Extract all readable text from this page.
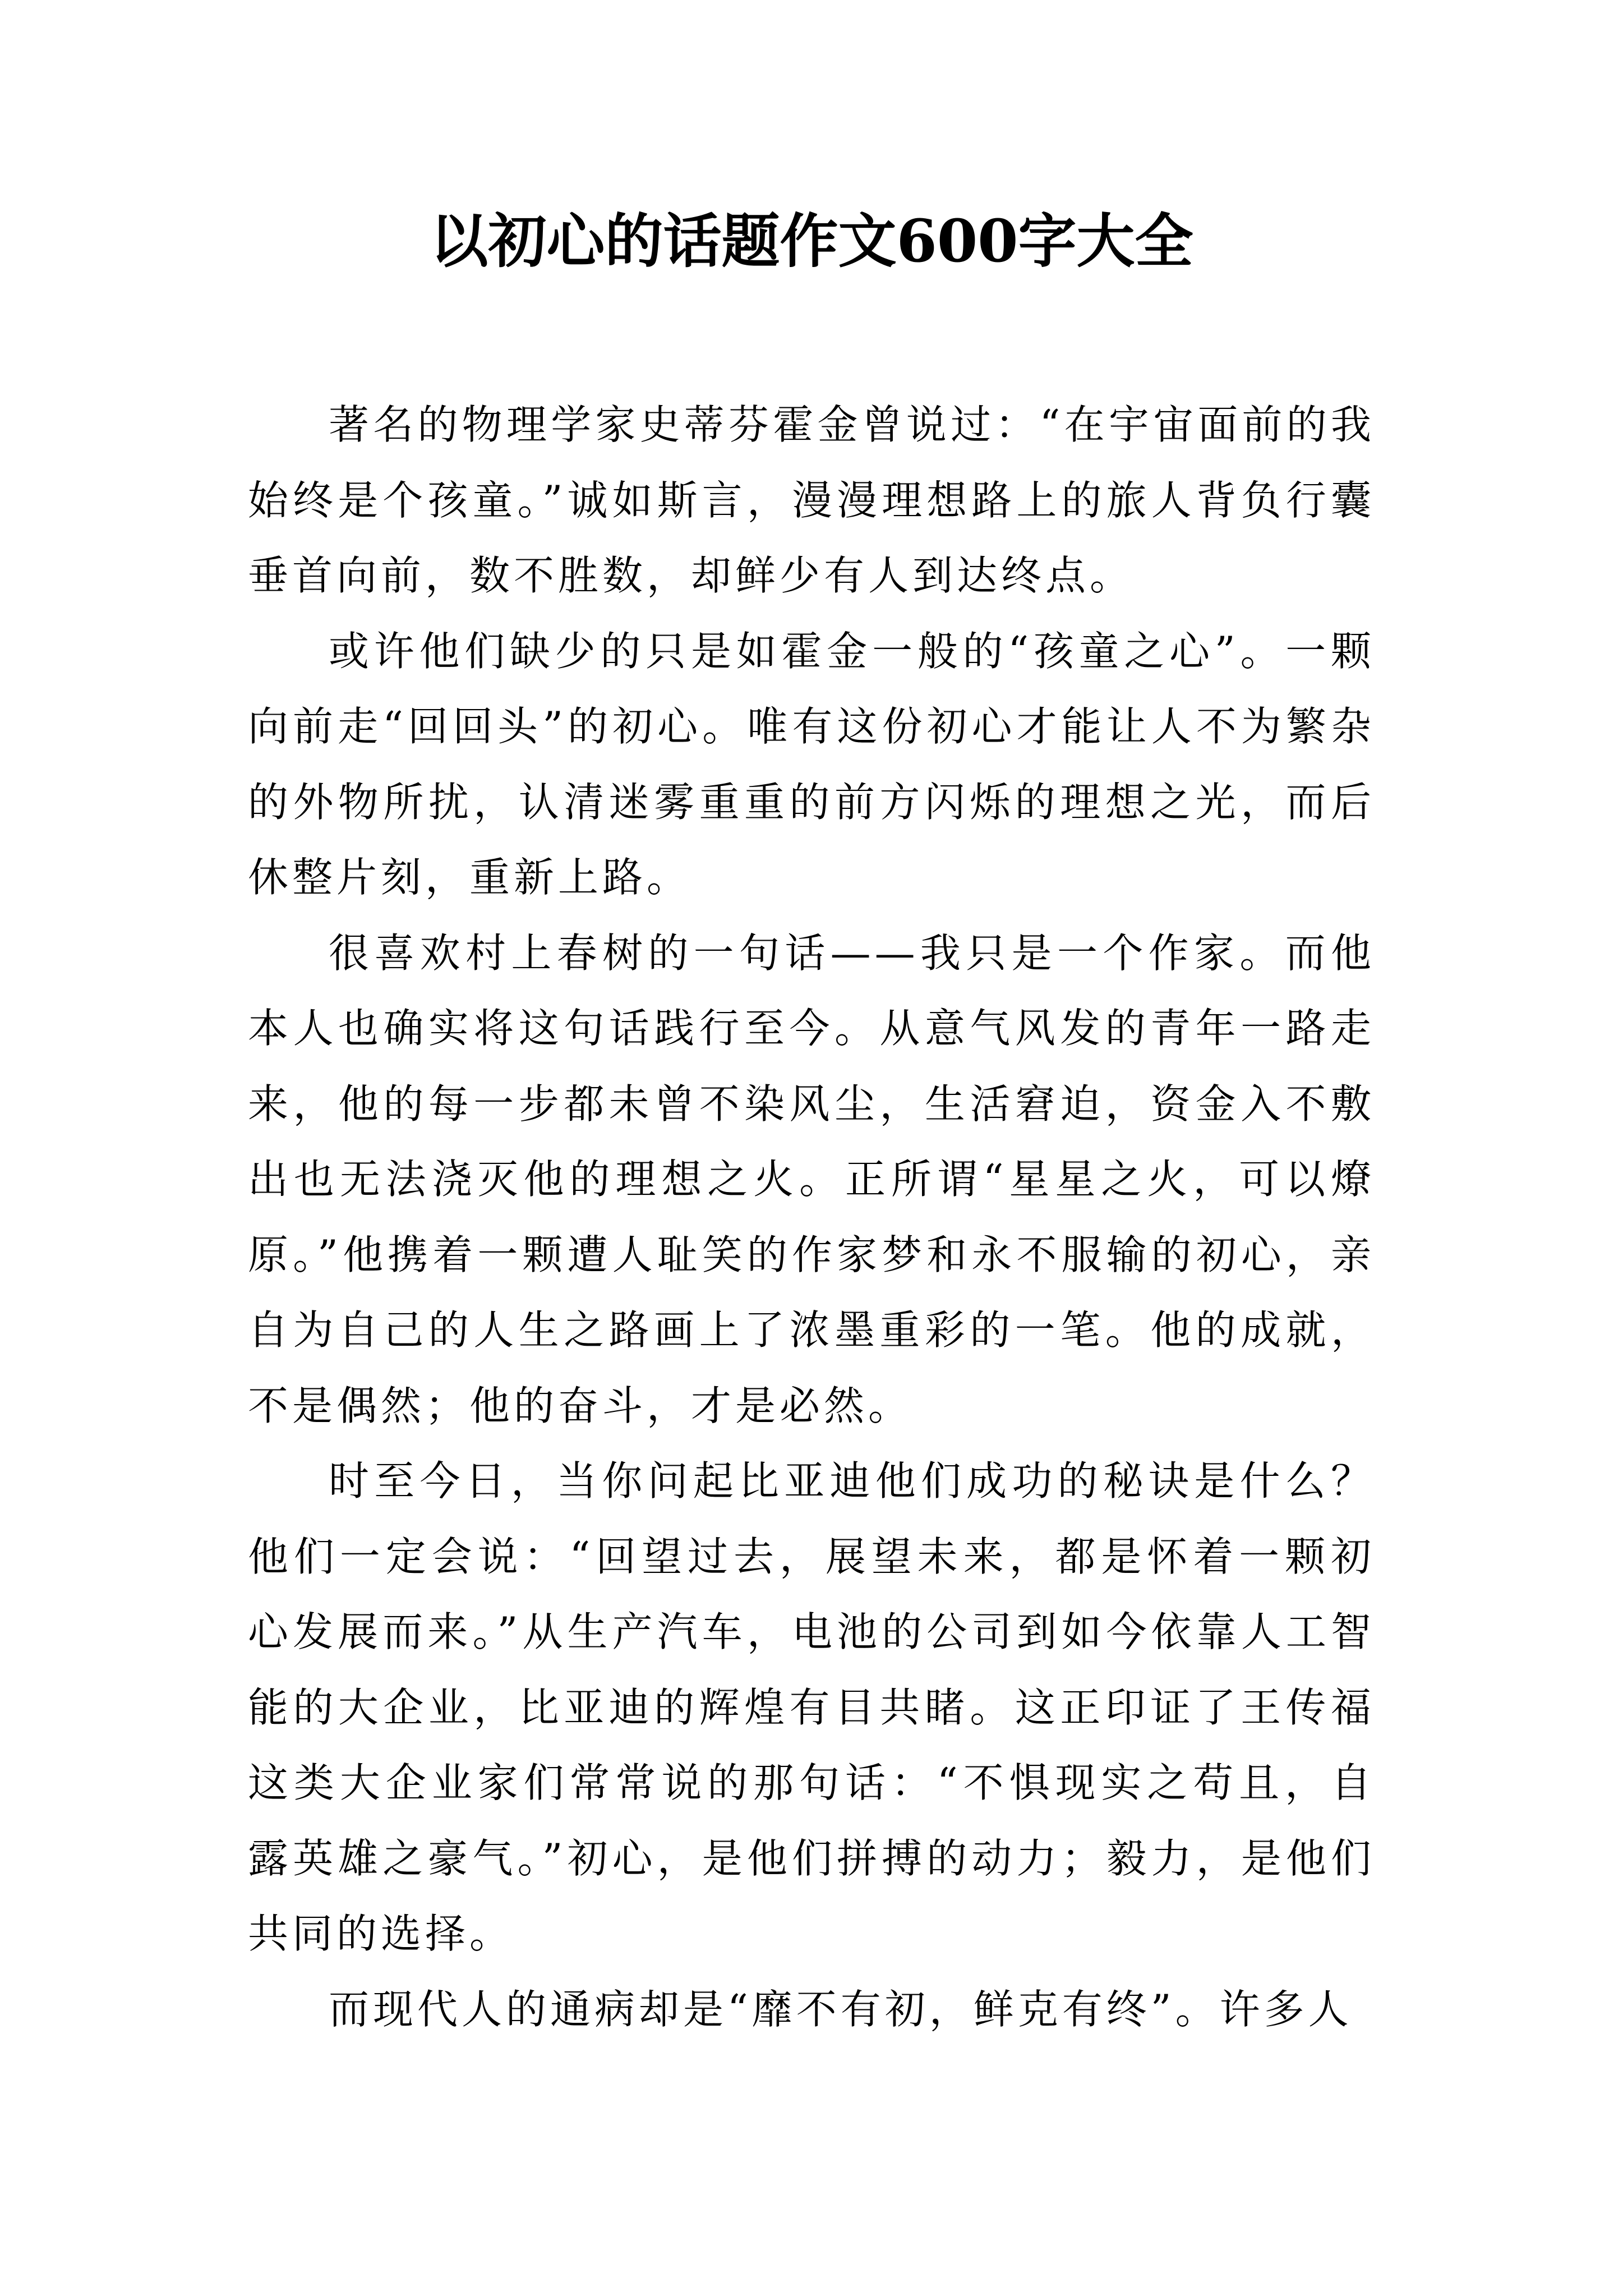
以初心的话题作文600字大全

著名的物理学家史蒂芬霍金曾说过：“在宇宙面前的我始终是个孩童。”诚如斯言，漫漫理想路上的旅人背负行囊垂首向前，数不胜数，却鲜少有人到达终点。

或许他们缺少的只是如霍金一般的“孩童之心”。一颗向前走“回回头”的初心。唯有这份初心才能让人不为繁杂的外物所扰，认清迷雾重重的前方闪烁的理想之光，而后休整片刻，重新上路。

很喜欢村上春树的一句话——我只是一个作家。而他本人也确实将这句话践行至今。从意气风发的青年一路走来，他的每一步都未曾不染风尘，生活窘迫，资金入不敷出也无法浇灭他的理想之火。正所谓“星星之火，可以燎原。”他携着一颗遭人耻笑的作家梦和永不服输的初心，亲自为自己的人生之路画上了浓墨重彩的一笔。他的成就，不是偶然；他的奋斗，才是必然。

时至今日，当你问起比亚迪他们成功的秘诀是什么？他们一定会说：“回望过去，展望未来，都是怀着一颗初心发展而来。”从生产汽车，电池的公司到如今依靠人工智能的大企业，比亚迪的辉煌有目共睹。这正印证了王传福这类大企业家们常常说的那句话：“不惧现实之苟且，自露英雄之豪气。”初心，是他们拼搏的动力；毅力，是他们共同的选择。

而现代人的通病却是“靡不有初，鲜克有终”。许多人
